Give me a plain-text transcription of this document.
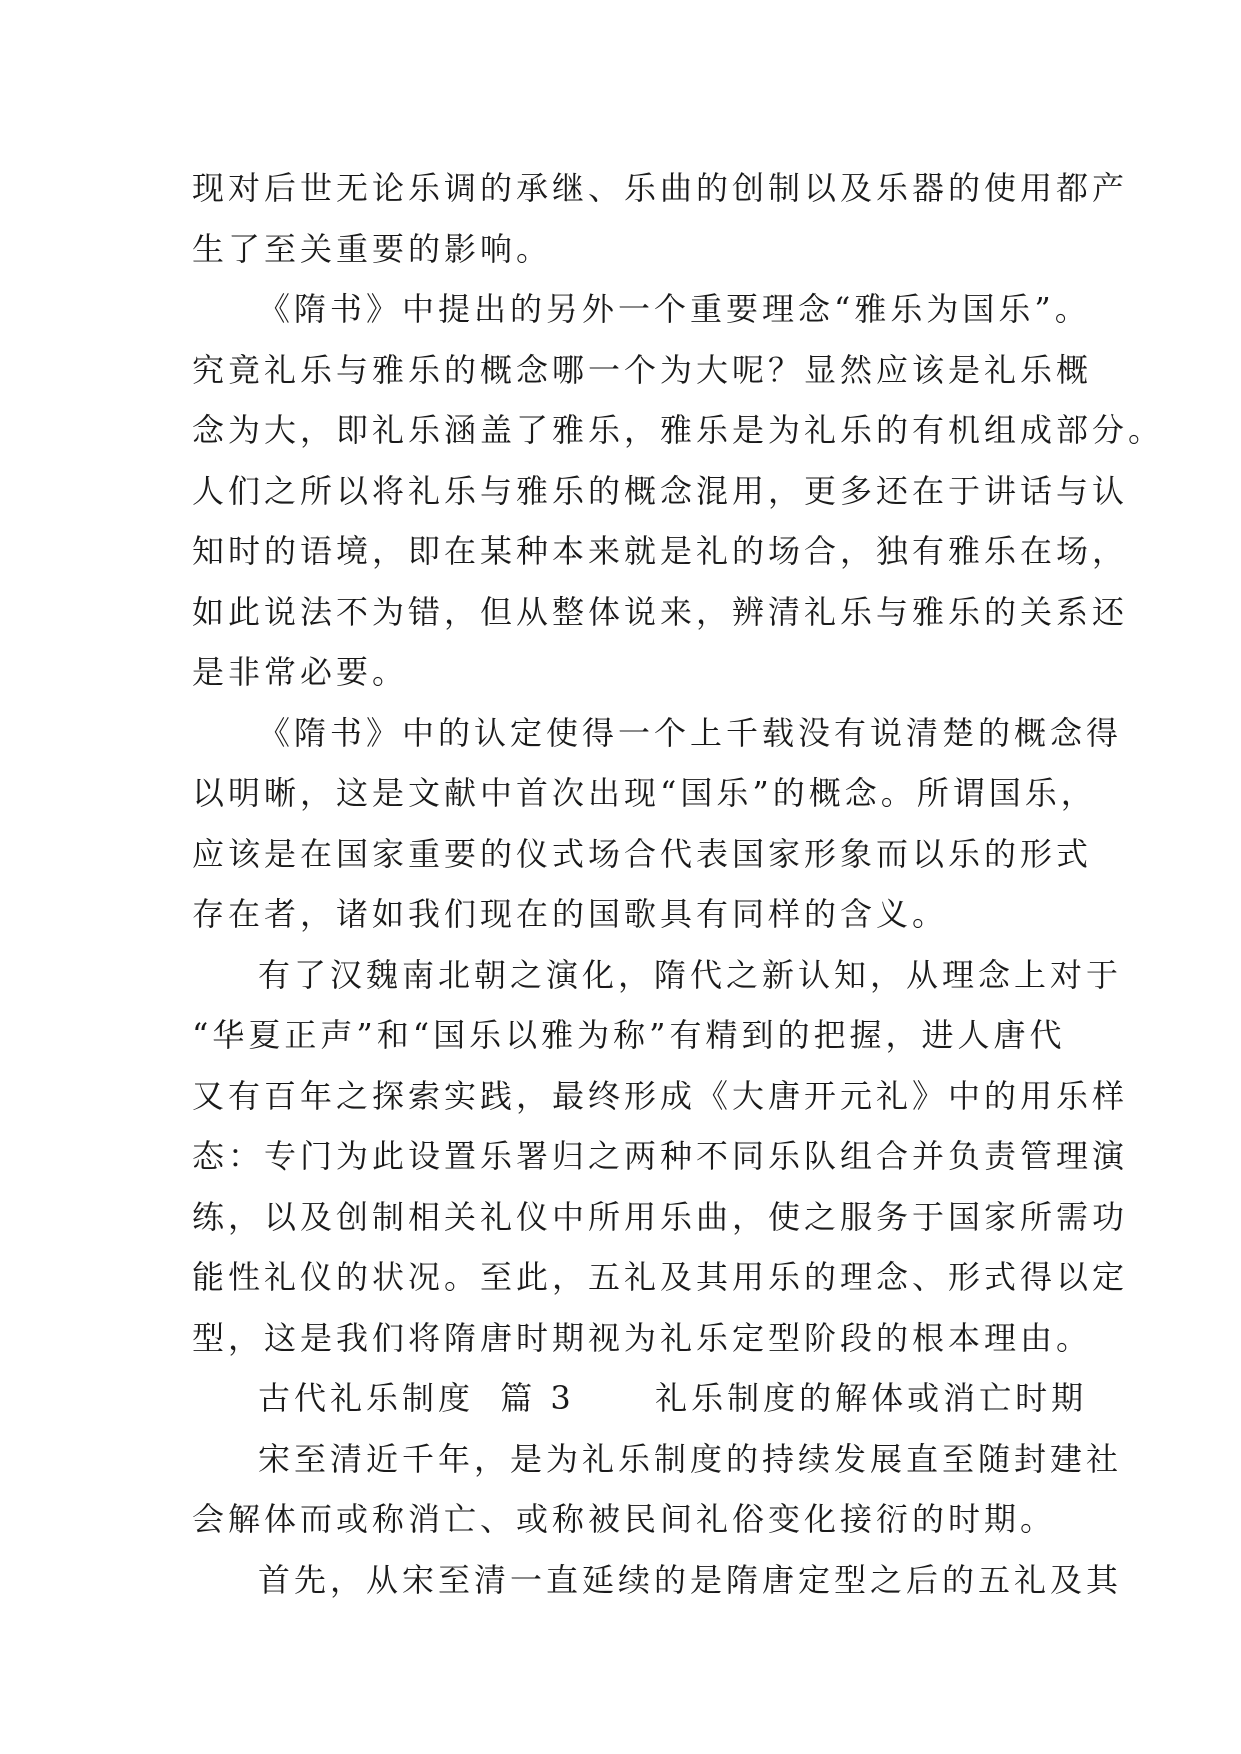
现对后世无论乐调的承继、乐曲的创制以及乐器的使用都产
生了至关重要的影响。
《隋书》中提出的另外一个重要理念“雅乐为国乐”。
究竟礼乐与雅乐的概念哪一个为大呢？显然应该是礼乐概
念为大，即礼乐涵盖了雅乐，雅乐是为礼乐的有机组成部分。
人们之所以将礼乐与雅乐的概念混用，更多还在于讲话与认
知时的语境，即在某种本来就是礼的场合，独有雅乐在场，
如此说法不为错，但从整体说来，辨清礼乐与雅乐的关系还
是非常必要。
《隋书》中的认定使得一个上千载没有说清楚的概念得
以明晰，这是文献中首次出现“国乐”的概念。所谓国乐，
应该是在国家重要的仪式场合代表国家形象而以乐的形式
存在者，诸如我们现在的国歌具有同样的含义。
有了汉魏南北朝之演化，隋代之新认知，从理念上对于
“华夏正声”和“国乐以雅为称”有精到的把握，进人唐代
又有百年之探索实践，最终形成《大唐开元礼》中的用乐样
态：专门为此设置乐署归之两种不同乐队组合并负责管理演
练，以及创制相关礼仪中所用乐曲，使之服务于国家所需功
能性礼仪的状况。至此，五礼及其用乐的理念、形式得以定
型，这是我们将隋唐时期视为礼乐定型阶段的根本理由。
古代礼乐制度 篇 3	礼乐制度的解体或消亡时期
宋至清近千年，是为礼乐制度的持续发展直至随封建社
会解体而或称消亡、或称被民间礼俗变化接衍的时期。
首先，从宋至清一直延续的是隋唐定型之后的五礼及其
